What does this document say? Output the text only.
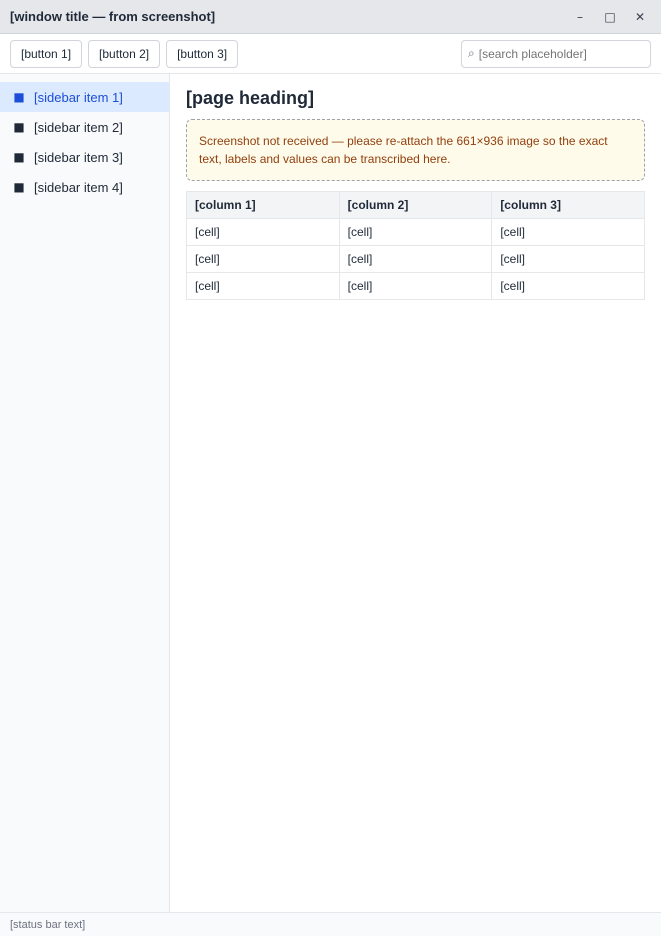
[window title — from screenshot]	–	□	✕
[button 1]	[button 2]	[button 3]	⌕
[search placeholder]
■ [sidebar item 1]
■ [sidebar item 2]
■ [sidebar item 3]
■ [sidebar item 4]
[page heading]
Screenshot not received — please re-attach the 661×936 image so the exact text, labels and values can be transcribed here.
[column 1]	[column 2]	[column 3]
[cell]	[cell]	[cell]
[cell]	[cell]	[cell]
[cell]	[cell]	[cell]
[status bar text]
